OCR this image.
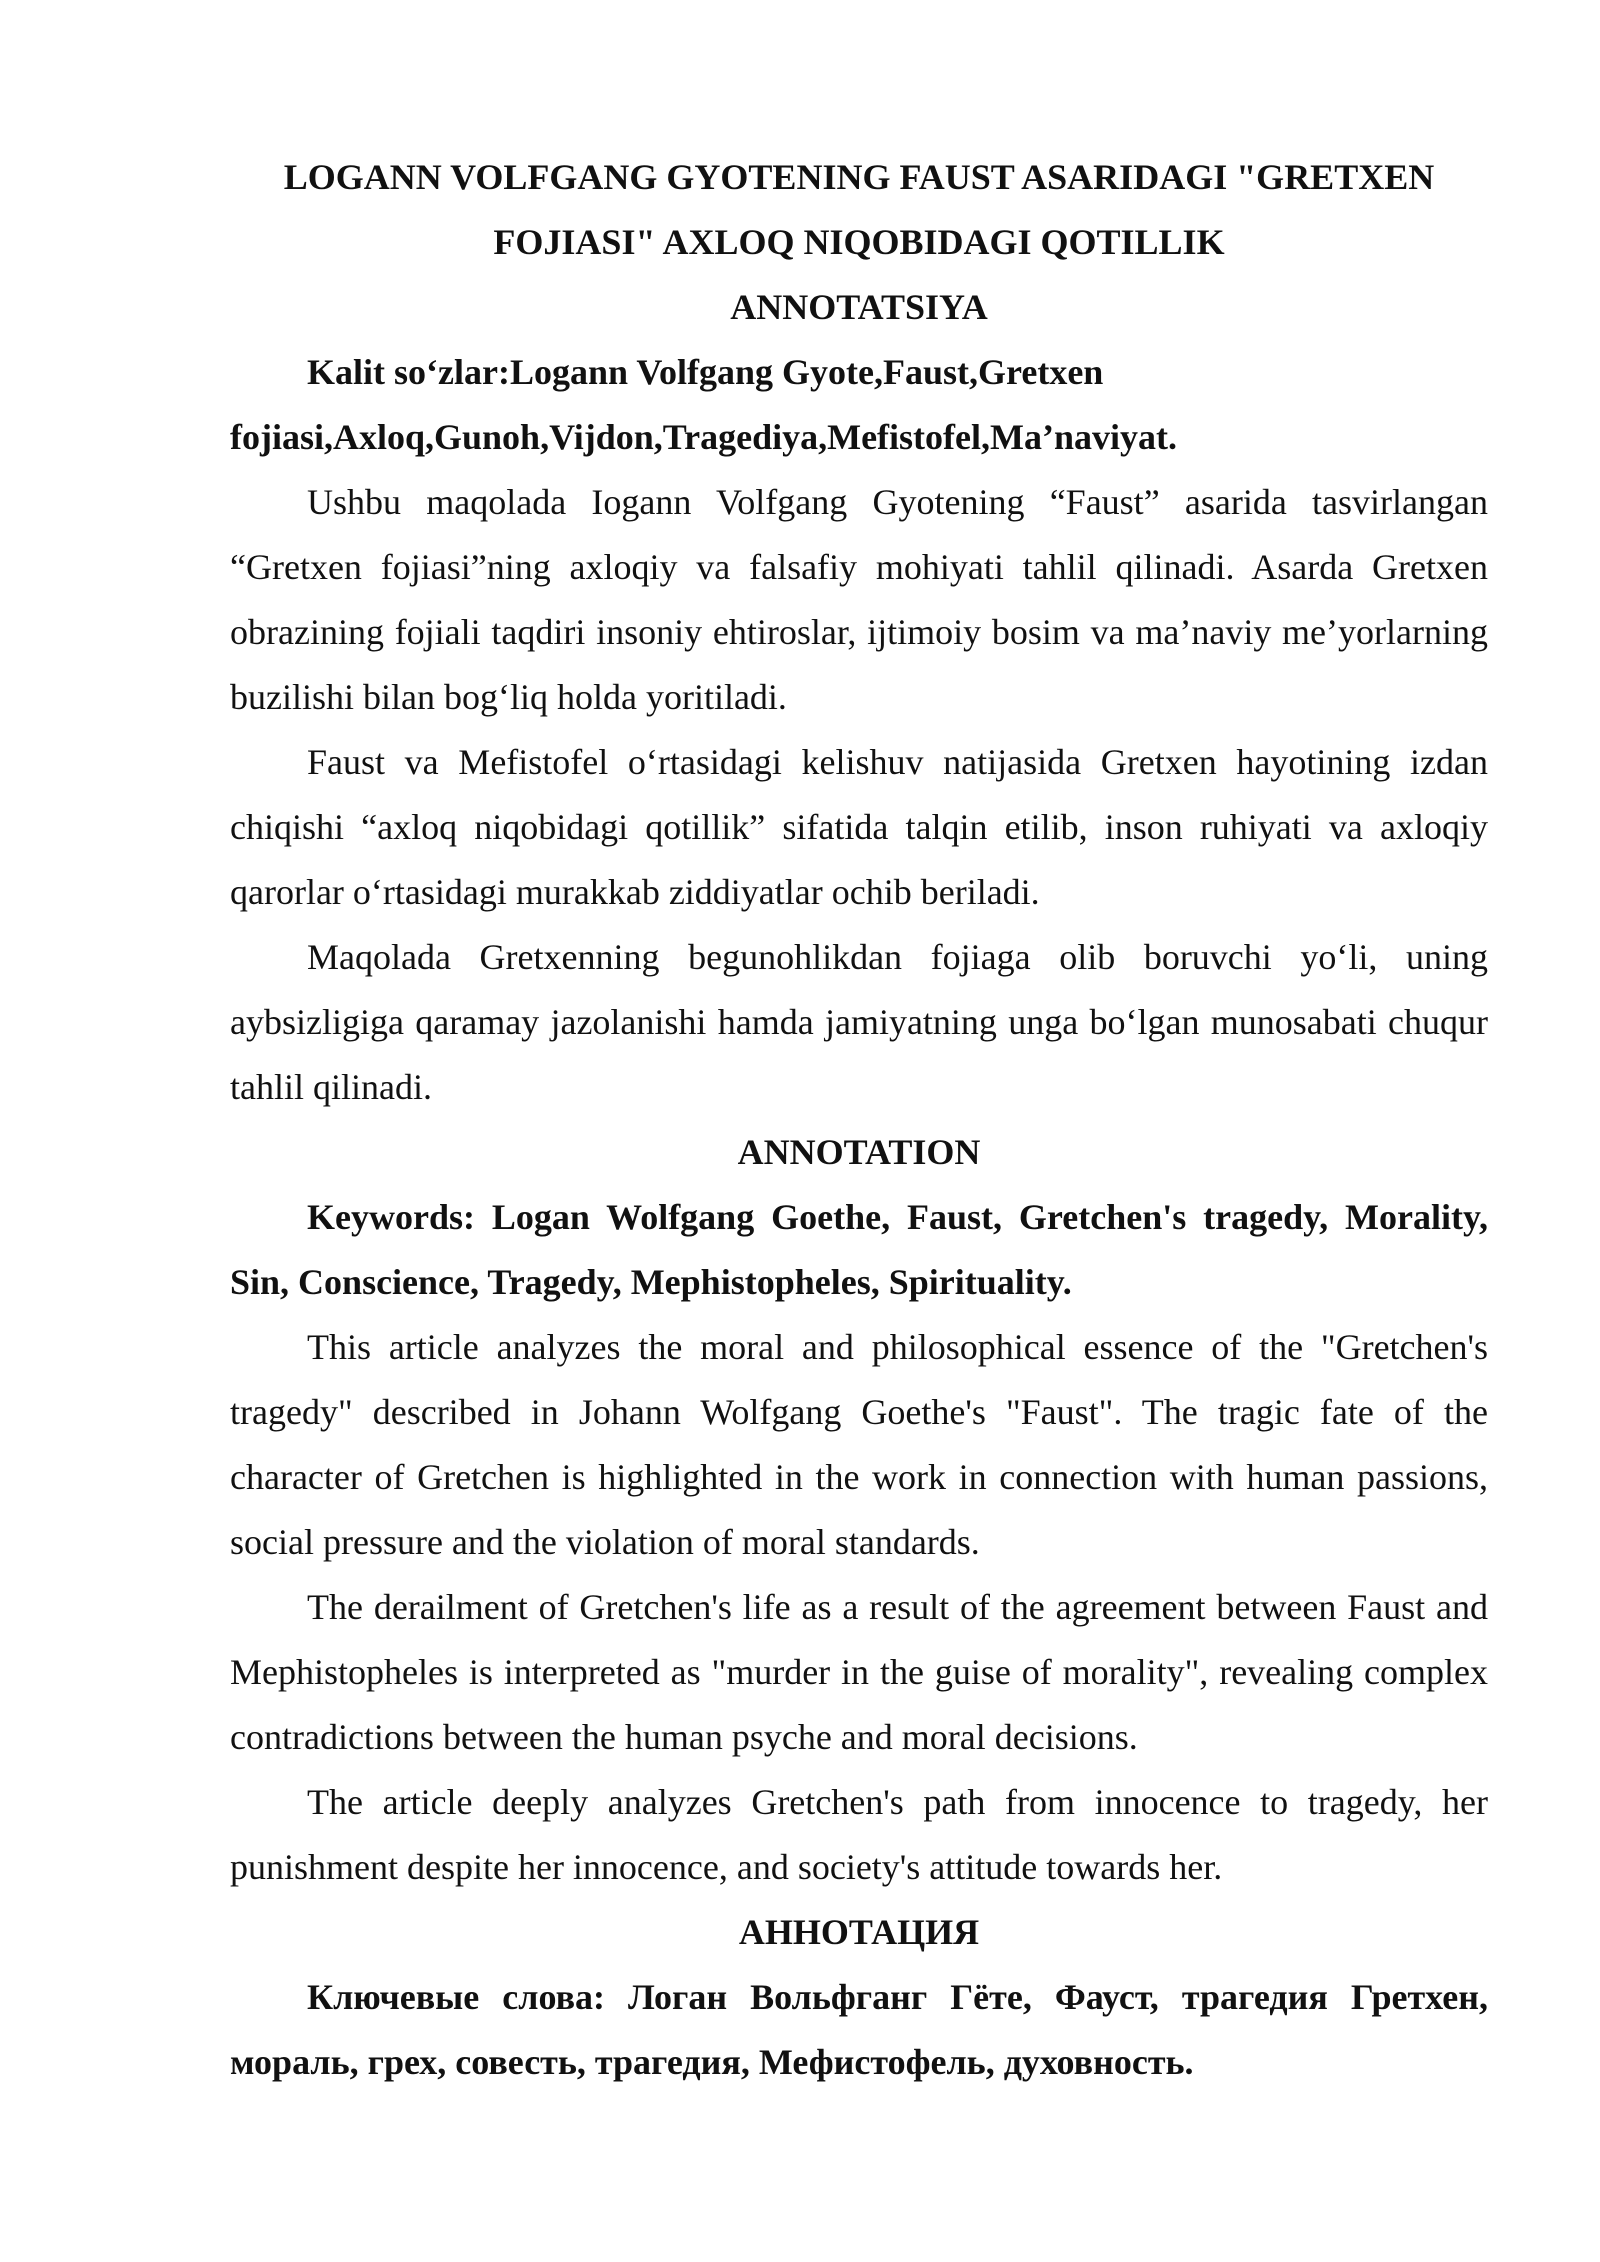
LOGANN VOLFGANG GYOTENING FAUST ASARIDAGI "GRETXEN FOJIASI" AXLOQ NIQOBIDAGI QOTILLIK

ANNOTATSIYA

Kalit so‘zlar:Logann Volfgang Gyote,Faust,Gretxen fojiasi,Axloq,Gunoh,Vijdon,Tragediya,Mefistofel,Ma’naviyat.

Ushbu maqolada Iogann Volfgang Gyotening “Faust” asarida tasvirlangan “Gretxen fojiasi”ning axloqiy va falsafiy mohiyati tahlil qilinadi. Asarda Gretxen obrazining fojiali taqdiri insoniy ehtiroslar, ijtimoiy bosim va ma’naviy me’yorlarning buzilishi bilan bog‘liq holda yoritiladi.

Faust va Mefistofel o‘rtasidagi kelishuv natijasida Gretxen hayotining izdan chiqishi “axloq niqobidagi qotillik” sifatida talqin etilib, inson ruhiyati va axloqiy qarorlar o‘rtasidagi murakkab ziddiyatlar ochib beriladi.

Maqolada Gretxenning begunohlikdan fojiaga olib boruvchi yo‘li, uning aybsizligiga qaramay jazolanishi hamda jamiyatning unga bo‘lgan munosabati chuqur tahlil qilinadi.

ANNOTATION

Keywords: Logan Wolfgang Goethe, Faust, Gretchen's tragedy, Morality, Sin, Conscience, Tragedy, Mephistopheles, Spirituality.

This article analyzes the moral and philosophical essence of the "Gretchen's tragedy" described in Johann Wolfgang Goethe's "Faust". The tragic fate of the character of Gretchen is highlighted in the work in connection with human passions, social pressure and the violation of moral standards.

The derailment of Gretchen's life as a result of the agreement between Faust and Mephistopheles is interpreted as "murder in the guise of morality", revealing complex contradictions between the human psyche and moral decisions.

The article deeply analyzes Gretchen's path from innocence to tragedy, her punishment despite her innocence, and society's attitude towards her.

АННОТАЦИЯ

Ключевые слова: Логан Вольфганг Гёте, Фауст, трагедия Гретхен, мораль, грех, совесть, трагедия, Мефистофель, духовность.
